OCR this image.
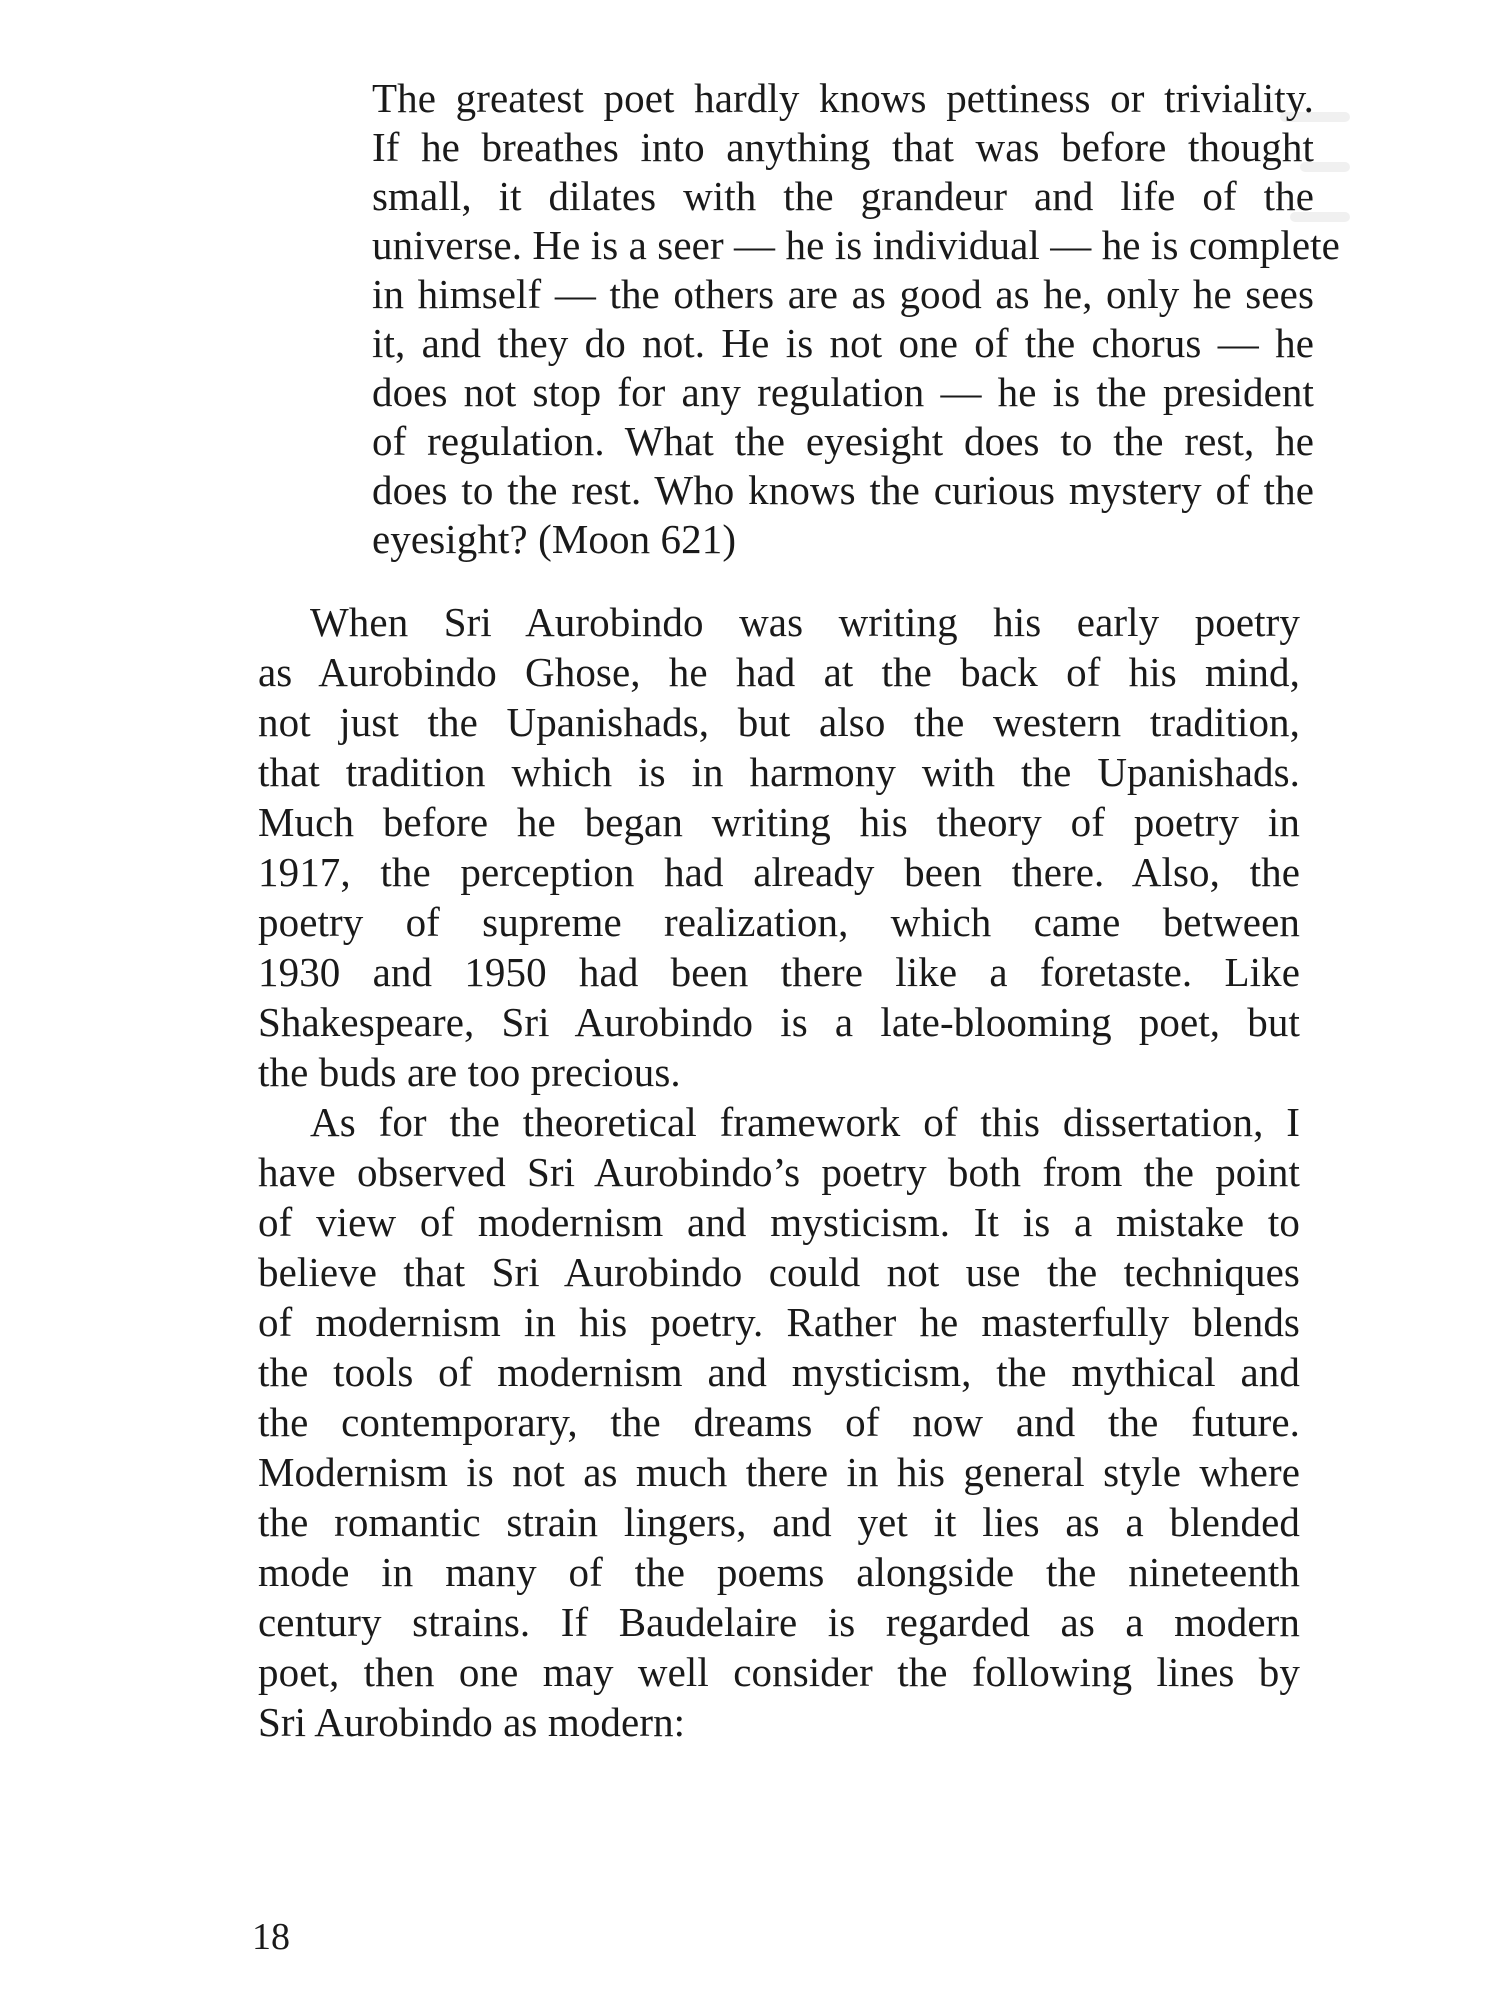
The greatest poet hardly knows pettiness or triviality.
If he breathes into anything that was before thought
small, it dilates with the grandeur and life of the
universe. He is a seer — he is individual — he is complete
in himself — the others are as good as he, only he sees
it, and they do not. He is not one of the chorus — he
does not stop for any regulation — he is the president
of regulation. What the eyesight does to the rest, he
does to the rest. Who knows the curious mystery of the
eyesight? (Moon 621)
When Sri Aurobindo was writing his early poetry
as Aurobindo Ghose, he had at the back of his mind,
not just the Upanishads, but also the western tradition,
that tradition which is in harmony with the Upanishads.
Much before he began writing his theory of poetry in
1917, the perception had already been there. Also, the
poetry of supreme realization, which came between
1930 and 1950 had been there like a foretaste. Like
Shakespeare, Sri Aurobindo is a late-blooming poet, but
the buds are too precious.
As for the theoretical framework of this dissertation, I
have observed Sri Aurobindo’s poetry both from the point
of view of modernism and mysticism. It is a mistake to
believe that Sri Aurobindo could not use the techniques
of modernism in his poetry. Rather he masterfully blends
the tools of modernism and mysticism, the mythical and
the contemporary, the dreams of now and the future.
Modernism is not as much there in his general style where
the romantic strain lingers, and yet it lies as a blended
mode in many of the poems alongside the nineteenth
century strains. If Baudelaire is regarded as a modern
poet, then one may well consider the following lines by
Sri Aurobindo as modern:
18
